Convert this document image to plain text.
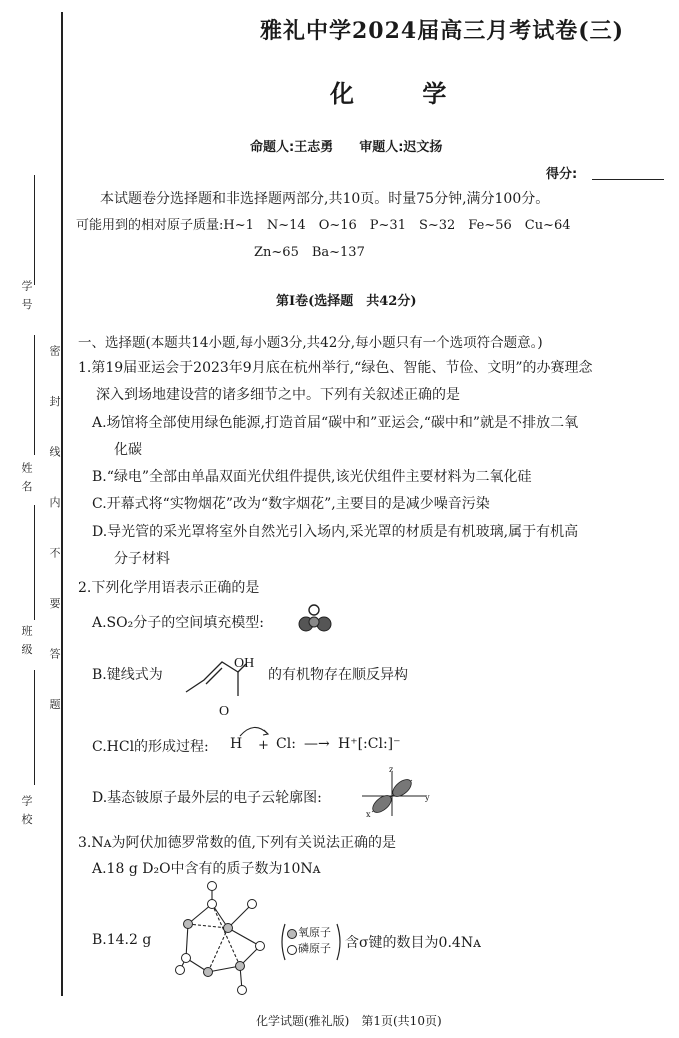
学 号
姓 名
班 级
学 校
密 封 线 内 不 要 答 题
雅礼中学2024届高三月考试卷(三)
化 学
命题人:王志勇　　审题人:迟文扬
得分:
本试题卷分选择题和非选择题两部分,共10页。时量75分钟,满分100分。
可能用到的相对原子质量:H~1　N~14　O~16　P~31　S~32　Fe~56　Cu~64
Zn~65　Ba~137
第Ⅰ卷(选择题　共42分)
一、选择题(本题共14小题,每小题3分,共42分,每小题只有一个选项符合题意。)
1.第19届亚运会于2023年9月底在杭州举行,“绿色、智能、节俭、文明”的办赛理念
深入到场地建设营的诸多细节之中。下列有关叙述正确的是
A.场馆将全部使用绿色能源,打造首届“碳中和”亚运会,“碳中和”就是不排放二氧
化碳
B.“绿电”全部由单晶双面光伏组件提供,该光伏组件主要材料为二氧化硅
C.开幕式将“实物烟花”改为“数字烟花”,主要目的是减少噪音污染
D.导光管的采光罩将室外自然光引入场内,采光罩的材质是有机玻璃,属于有机高
分子材料
2.下列化学用语表示正确的是
A.SO₂分子的空间填充模型:
B.键线式为
OH
O
的有机物存在顺反异构
C.HCl的形成过程: H + Cl: —→ H⁺[:Cl:]⁻
D.基态铍原子最外层的电子云轮廓图:
z
y
x
3.Nᴀ为阿伏加德罗常数的值,下列有关说法正确的是
A.18 g D₂O中含有的质子数为10Nᴀ
B.14.2 g	氧原子
磷原子 含σ键的数目为0.4Nᴀ
化学试题(雅礼版)　第1页(共10页)
